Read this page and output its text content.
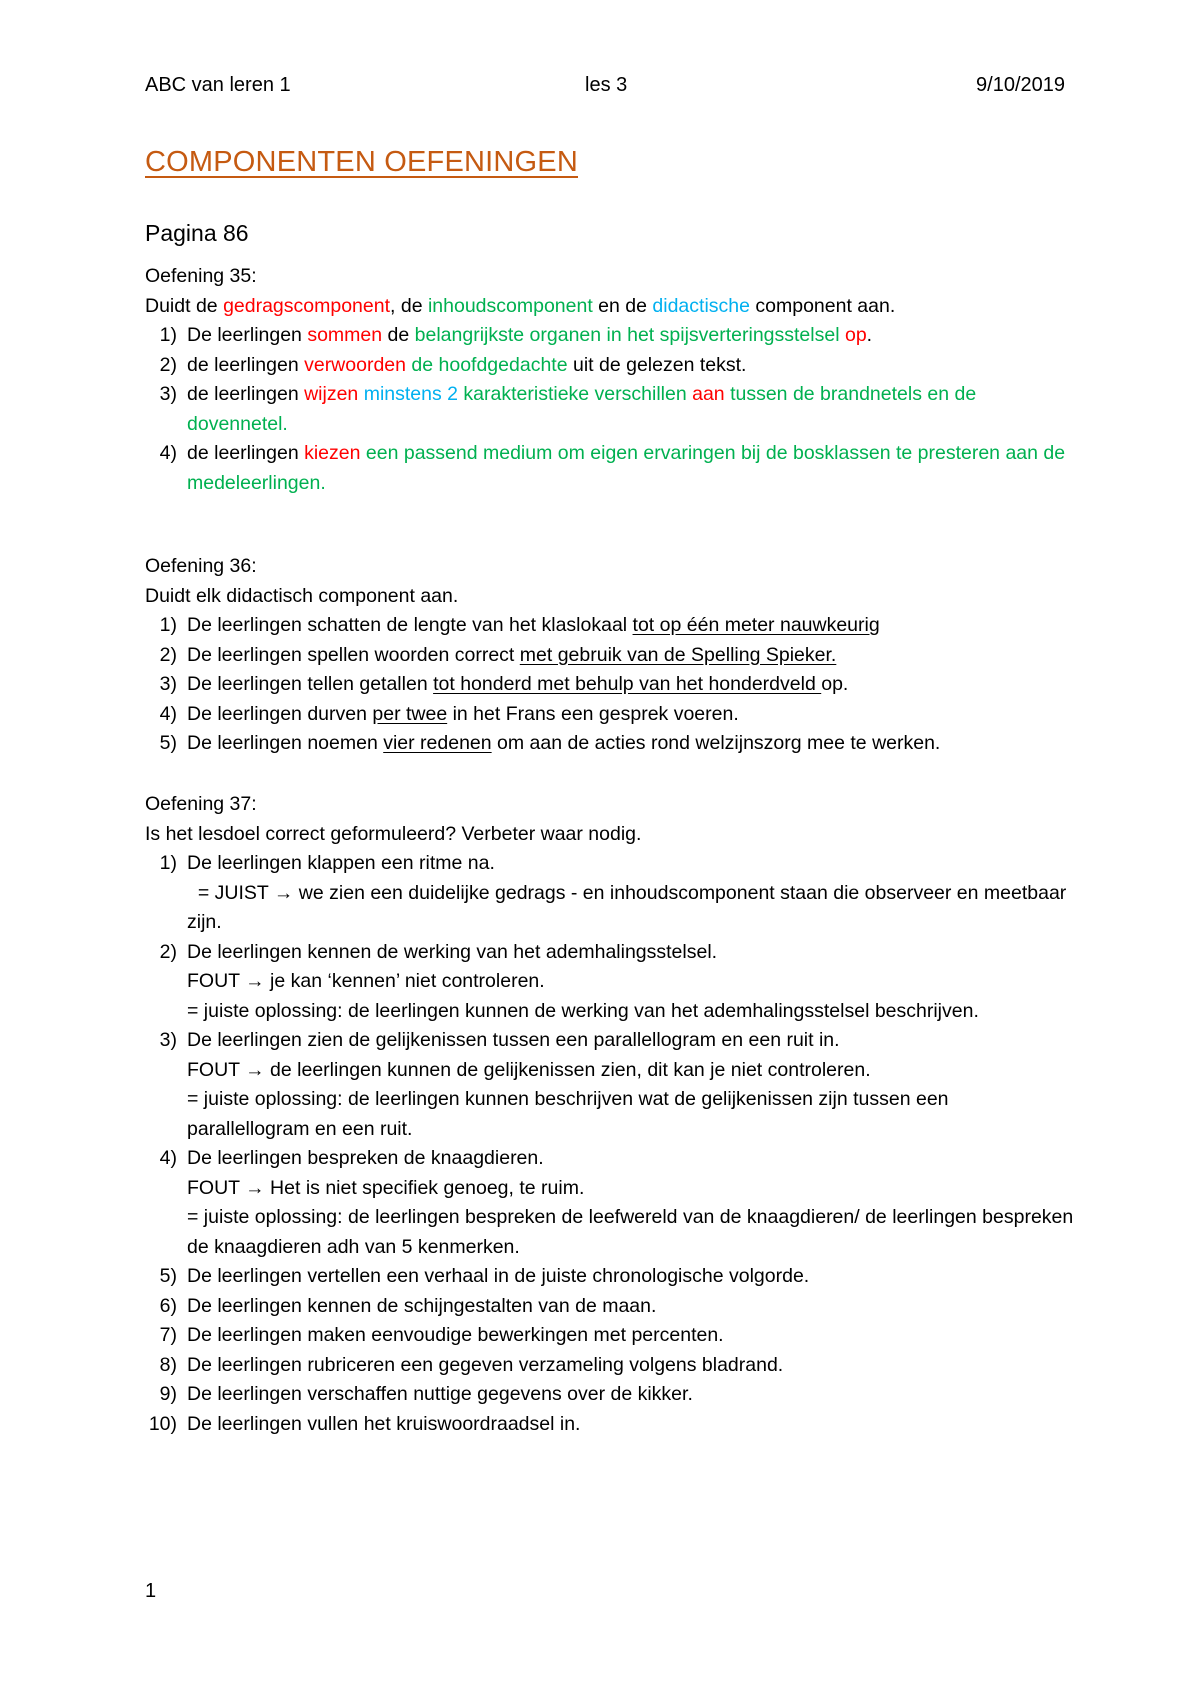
ABC van leren 1	les 3	9/10/2019
COMPONENTEN OEFENINGEN
Pagina 86

Oefening 35:

Duidt de gedragscomponent, de inhoudscomponent en de didactische component aan.

1) De leerlingen sommen de belangrijkste organen in het spijsverteringsstelsel op.
2) de leerlingen verwoorden de hoofdgedachte uit de gelezen tekst.
3) de leerlingen wijzen minstens 2 karakteristieke verschillen aan tussen de brandnetels en de dovennetel.
4) de leerlingen kiezen een passend medium om eigen ervaringen bij de bosklassen te presteren aan de medeleerlingen.

Oefening 36:

Duidt elk didactisch component aan.

1) De leerlingen schatten de lengte van het klaslokaal tot op één meter nauwkeurig
2) De leerlingen spellen woorden correct met gebruik van de Spelling Spieker.
3) De leerlingen tellen getallen tot honderd met behulp van het honderdveld op.
4) De leerlingen durven per twee in het Frans een gesprek voeren.
5) De leerlingen noemen vier redenen om aan de acties rond welzijnszorg mee te werken.

Oefening 37:

Is het lesdoel correct geformuleerd? Verbeter waar nodig.

1) De leerlingen klappen een ritme na.
= JUIST → we zien een duidelijke gedrags - en inhoudscomponent staan die observeer en meetbaar zijn.
2) De leerlingen kennen de werking van het ademhalingsstelsel.
FOUT → je kan ‘kennen’ niet controleren.
= juiste oplossing: de leerlingen kunnen de werking van het ademhalingsstelsel beschrijven.
3) De leerlingen zien de gelijkenissen tussen een parallellogram en een ruit in.
FOUT → de leerlingen kunnen de gelijkenissen zien, dit kan je niet controleren.
= juiste oplossing: de leerlingen kunnen beschrijven wat de gelijkenissen zijn tussen een parallellogram en een ruit.
4) De leerlingen bespreken de knaagdieren.
FOUT → Het is niet specifiek genoeg, te ruim.
= juiste oplossing: de leerlingen bespreken de leefwereld van de knaagdieren/ de leerlingen bespreken de knaagdieren adh van 5 kenmerken.
5) De leerlingen vertellen een verhaal in de juiste chronologische volgorde.
6) De leerlingen kennen de schijngestalten van de maan.
7) De leerlingen maken eenvoudige bewerkingen met percenten.
8) De leerlingen rubriceren een gegeven verzameling volgens bladrand.
9) De leerlingen verschaffen nuttige gegevens over de kikker.
10) De leerlingen vullen het kruiswoordraadsel in.
1
